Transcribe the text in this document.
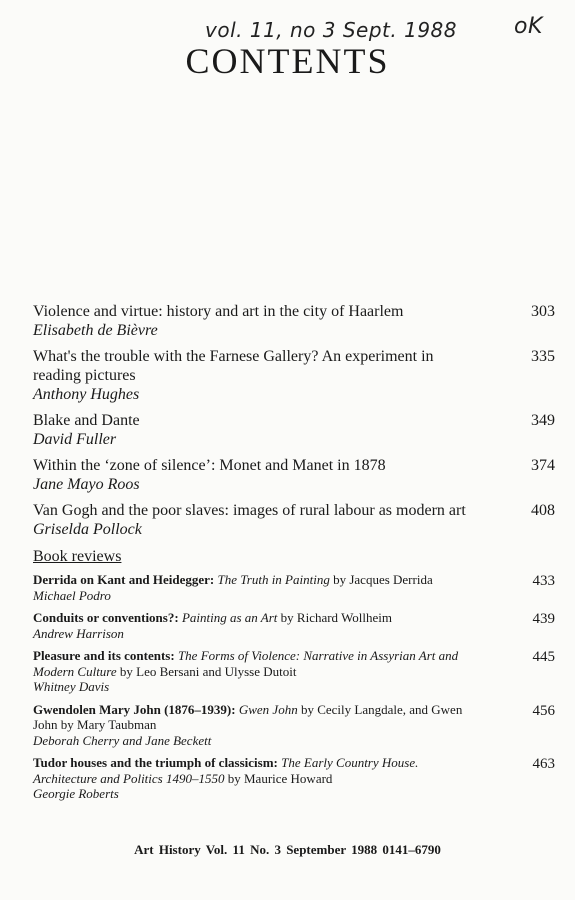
vol. 11, no 3 Sept. 1988	oK
CONTENTS
Violence and virtue: history and art in the city of Haarlem
Elisabeth de Bièvre
303
What's the trouble with the Farnese Gallery? An experiment in reading pictures
Anthony Hughes
335
Blake and Dante
David Fuller
349
Within the ‘zone of silence’: Monet and Manet in 1878
Jane Mayo Roos
374
Van Gogh and the poor slaves: images of rural labour as modern art
Griselda Pollock
408
Book reviews
Derrida on Kant and Heidegger: The Truth in Painting by Jacques Derrida
Michael Podro
433
Conduits or conventions?: Painting as an Art by Richard Wollheim
Andrew Harrison
439
Pleasure and its contents: The Forms of Violence: Narrative in Assyrian Art and Modern Culture by Leo Bersani and Ulysse Dutoit
Whitney Davis
445
Gwendolen Mary John (1876–1939): Gwen John by Cecily Langdale, and Gwen John by Mary Taubman
Deborah Cherry and Jane Beckett
456
Tudor houses and the triumph of classicism: The Early Country House. Architecture and Politics 1490–1550 by Maurice Howard
Georgie Roberts
463
Art History Vol. 11 No. 3 September 1988 0141–6790
